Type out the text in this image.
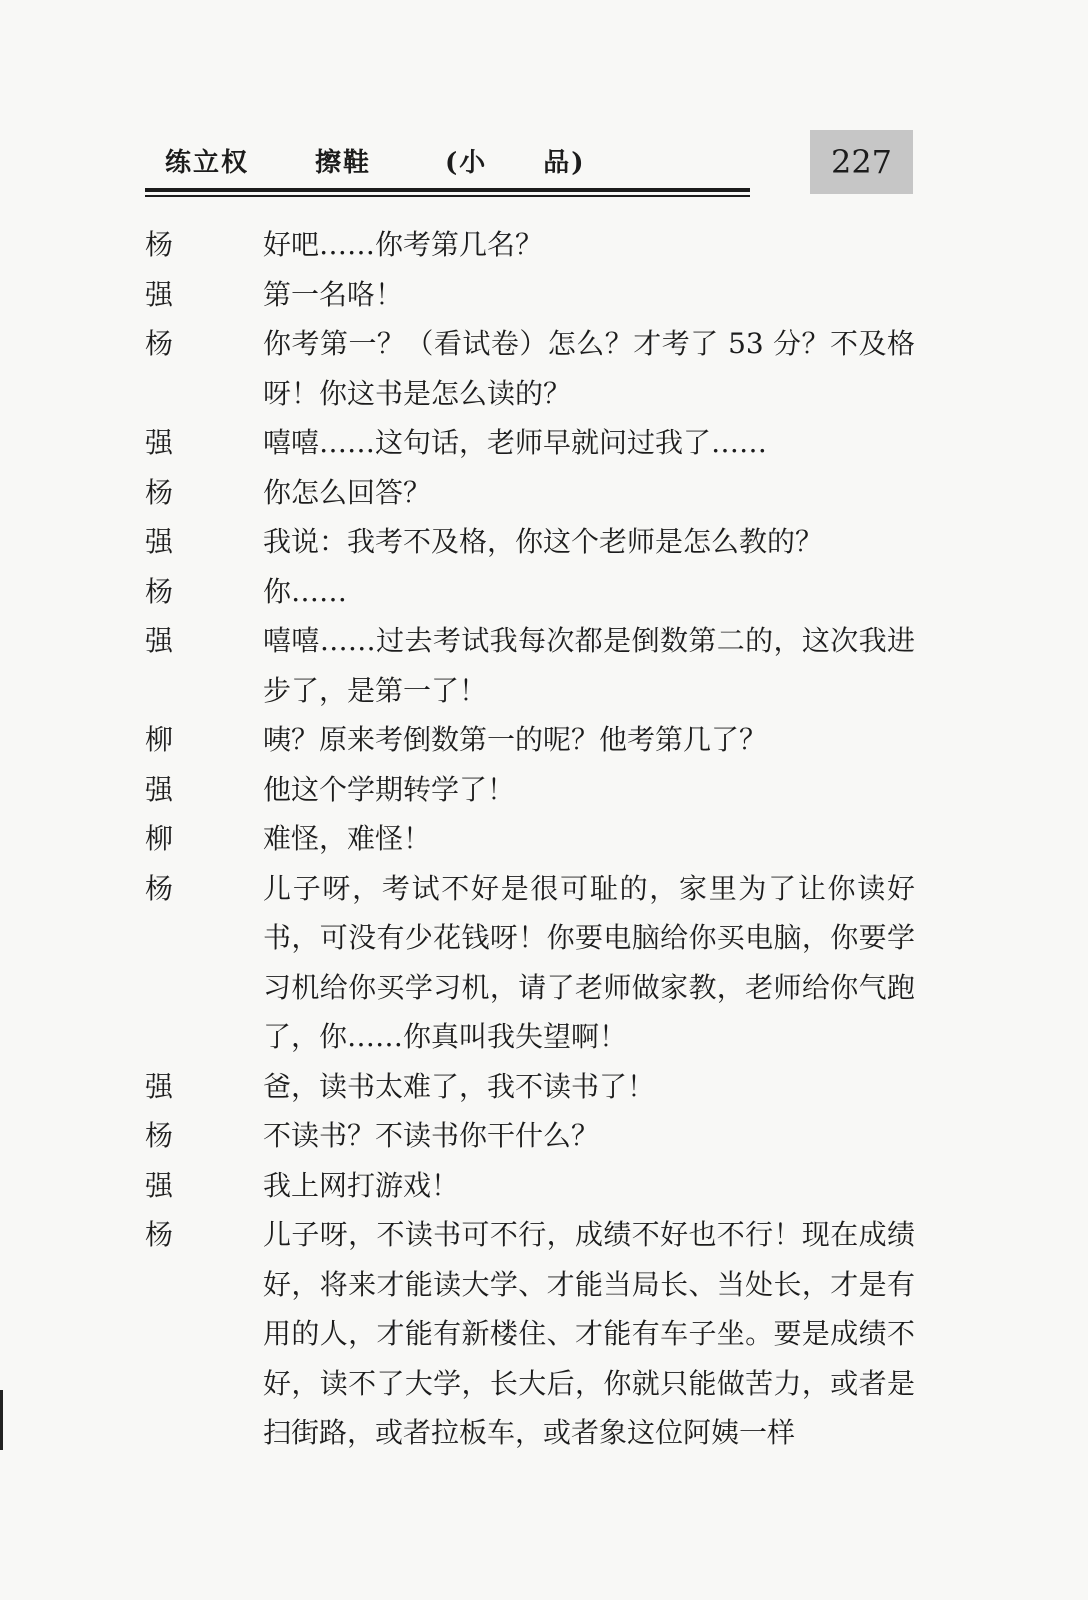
练立权	擦鞋	(小　　品)	227
杨	好吧……你考第几名？
强	第一名咯！
杨	你考第一？（看试卷）怎么？才考了 53 分？不及格呀！你这书是怎么读的？
强	嘻嘻……这句话，老师早就问过我了……
杨	你怎么回答？
强	我说：我考不及格，你这个老师是怎么教的？
杨	你……
强	嘻嘻……过去考试我每次都是倒数第二的，这次我进步了，是第一了！
柳	咦？原来考倒数第一的呢？他考第几了？
强	他这个学期转学了！
柳	难怪，难怪！
杨	儿子呀，考试不好是很可耻的，家里为了让你读好书，可没有少花钱呀！你要电脑给你买电脑，你要学习机给你买学习机，请了老师做家教，老师给你气跑了，你……你真叫我失望啊！
强	爸，读书太难了，我不读书了！
杨	不读书？不读书你干什么？
强	我上网打游戏！
杨	儿子呀，不读书可不行，成绩不好也不行！现在成绩好，将来才能读大学、才能当局长、当处长，才是有用的人，才能有新楼住、才能有车子坐。要是成绩不好，读不了大学，长大后，你就只能做苦力，或者是扫街路，或者拉板车，或者象这位阿姨一样
